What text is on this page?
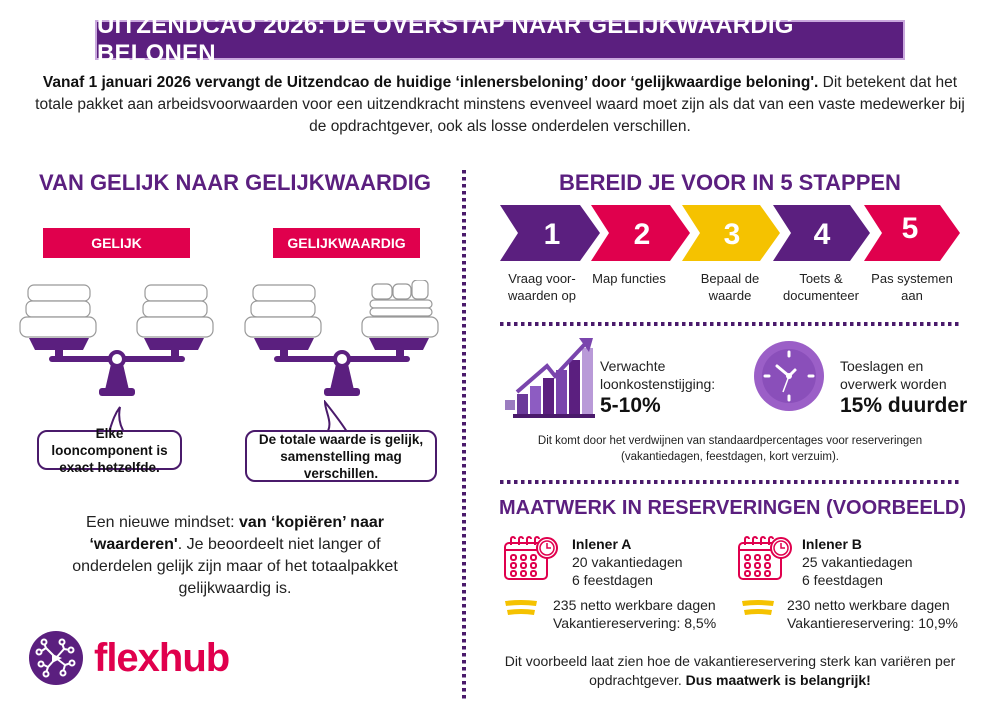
UITZENDCAO 2026: DE OVERSTAP NAAR GELIJKWAARDIG BELONEN

Vanaf 1 januari 2026 vervangt de Uitzendcao de huidige ‘inlenersbeloning’ door ‘gelijkwaardige beloning'. Dit betekent dat het totale pakket aan arbeidsvoorwaarden voor een uitzendkracht minstens evenveel waard moet zijn als dat van een vaste medewerker bij de opdrachtgever, ook als losse onderdelen verschillen.

VAN GELIJK NAAR GELIJKWAARDIG
GELIJK	GELIJKWAARDIG
Elke looncomponent is exact hetzelfde.
De totale waarde is gelijk, samenstelling mag verschillen.

Een nieuwe mindset: van ‘kopiëren’ naar ‘waarderen'. Je beoordeelt niet langer of onderdelen gelijk zijn maar of het totaalpakket gelijkwaardig is.

flexhub
BEREID JE VOOR IN 5 STAPPEN
1 2 3 4 5
Vraag voor-waarden op
Map functies	Bepaal de waarde
Toets & documenteer
Pas systemen aan
Verwachte loonkostenstijging:
5-10%
Toeslagen en overwerk worden
15% duurder
Dit komt door het verdwijnen van standaardpercentages voor reserveringen (vakantiedagen, feestdagen, kort verzuim).
MAATWERK IN RESERVERINGEN (VOORBEELD)
Inlener A
20 vakantiedagen
6 feestdagen
235 netto werkbare dagen
Vakantiereservering: 8,5%
Inlener B
25 vakantiedagen
6 feestdagen
230 netto werkbare dagen
Vakantiereservering: 10,9%

Dit voorbeeld laat zien hoe de vakantiereservering sterk kan variëren per opdrachtgever. Dus maatwerk is belangrijk!
